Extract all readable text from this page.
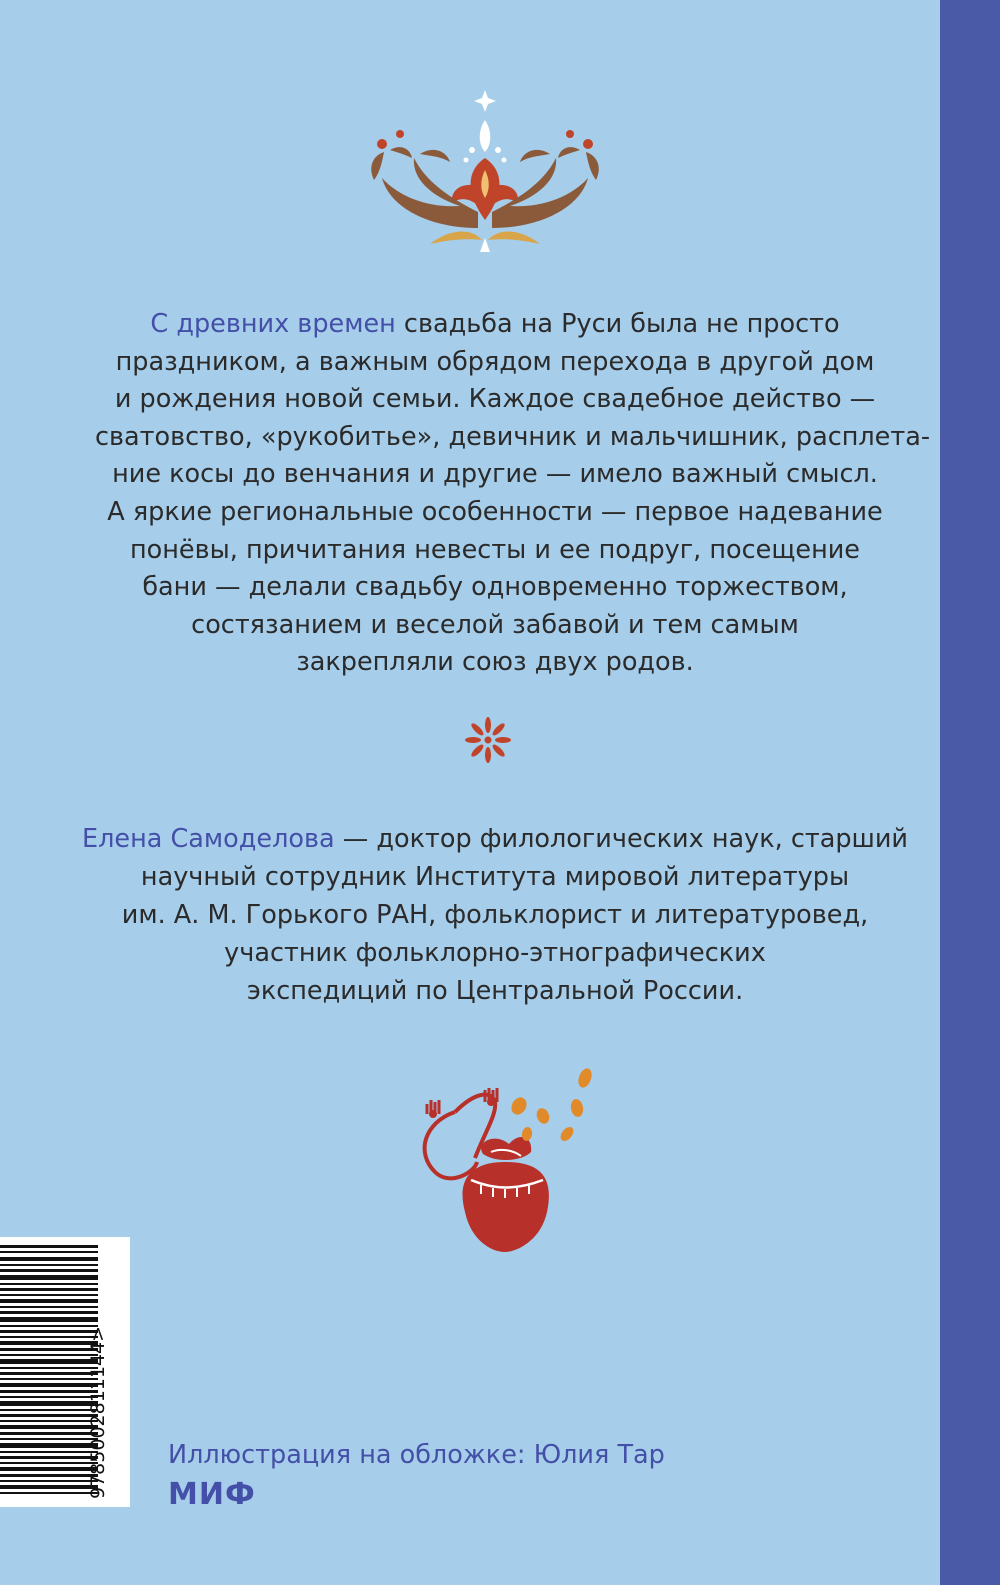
С древних времен свадьба на Руси была не просто
праздником, а важным обрядом перехода в другой дом
и рождения новой семьи. Каждое свадебное действо —
сватовство, «рукобитье», девичник и мальчишник, расплета-
ние косы до венчания и другие — имело важный смысл.
А яркие региональные особенности — первое надевание
понёвы, причитания невесты и ее подруг, посещение
бани — делали свадьбу одновременно торжеством,
состязанием и веселой забавой и тем самым
закрепляли союз двух родов.
Елена Самоделова — доктор филологических наук, старший
научный сотрудник Института мировой литературы
им. А. М. Горького РАН, фольклорист и литературовед,
участник фольклорно-этнографических
экспедиций по Центральной России.
9785002811144> Иллюстрация на обложке: Юлия Тар
МИФ
